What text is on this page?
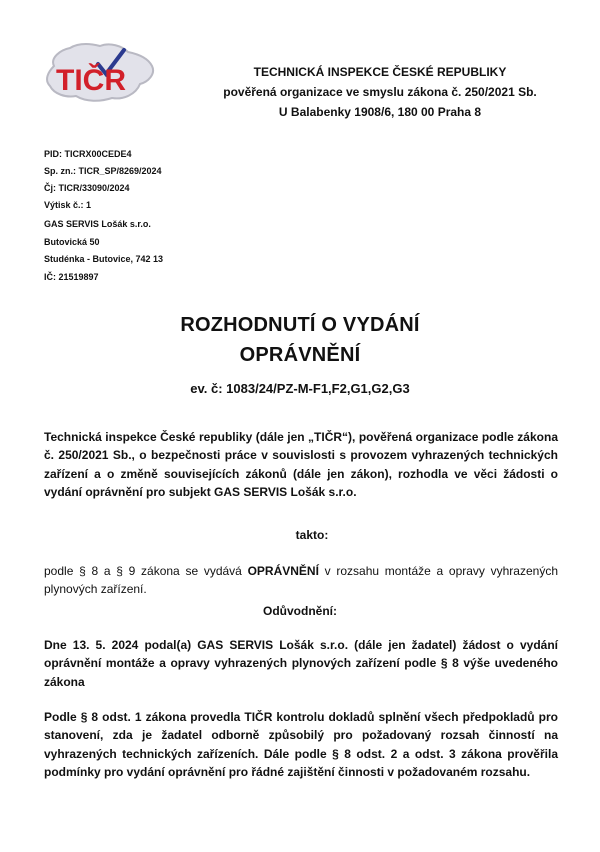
TIČR	TECHNICKÁ INSPEKCE ČESKÉ REPUBLIKY
pověřená organizace ve smyslu zákona č. 250/2021 Sb.
U Balabenky 1908/6, 180 00 Praha 8
PID: TICRX00CEDE4
Sp. zn.: TICR_SP/8269/2024
Čj: TICR/33090/2024
Výtisk č.: 1
GAS SERVIS Lošák s.r.o.
Butovická 50
Studénka - Butovice, 742 13
IČ: 21519897
ROZHODNUTÍ O VYDÁNÍ
OPRÁVNĚNÍ
ev. č: 1083/24/PZ-M-F1,F2,G1,G2,G3
Technická inspekce České republiky (dále jen „TIČR“), pověřená organizace podle zákona č. 250/2021 Sb., o bezpečnosti práce v souvislosti s provozem vyhrazených technických zařízení a o změně souvisejících zákonů (dále jen zákon), rozhodla ve věci žádosti o vydání oprávnění pro subjekt GAS SERVIS Lošák s.r.o.
takto:
podle § 8 a § 9 zákona se vydává OPRÁVNĚNÍ v rozsahu montáže a opravy vyhrazených plynových zařízení.
Odůvodnění:
Dne 13. 5. 2024 podal(a) GAS SERVIS Lošák s.r.o. (dále jen žadatel) žádost o vydání oprávnění montáže a opravy vyhrazených plynových zařízení podle § 8 výše uvedeného zákona
Podle § 8 odst. 1 zákona provedla TIČR kontrolu dokladů splnění všech předpokladů pro stanovení, zda je žadatel odborně způsobilý pro požadovaný rozsah činností na vyhrazených technických zařízeních. Dále podle § 8 odst. 2 a odst. 3 zákona prověřila podmínky pro vydání oprávnění pro řádné zajištění činnosti v požadovaném rozsahu.
